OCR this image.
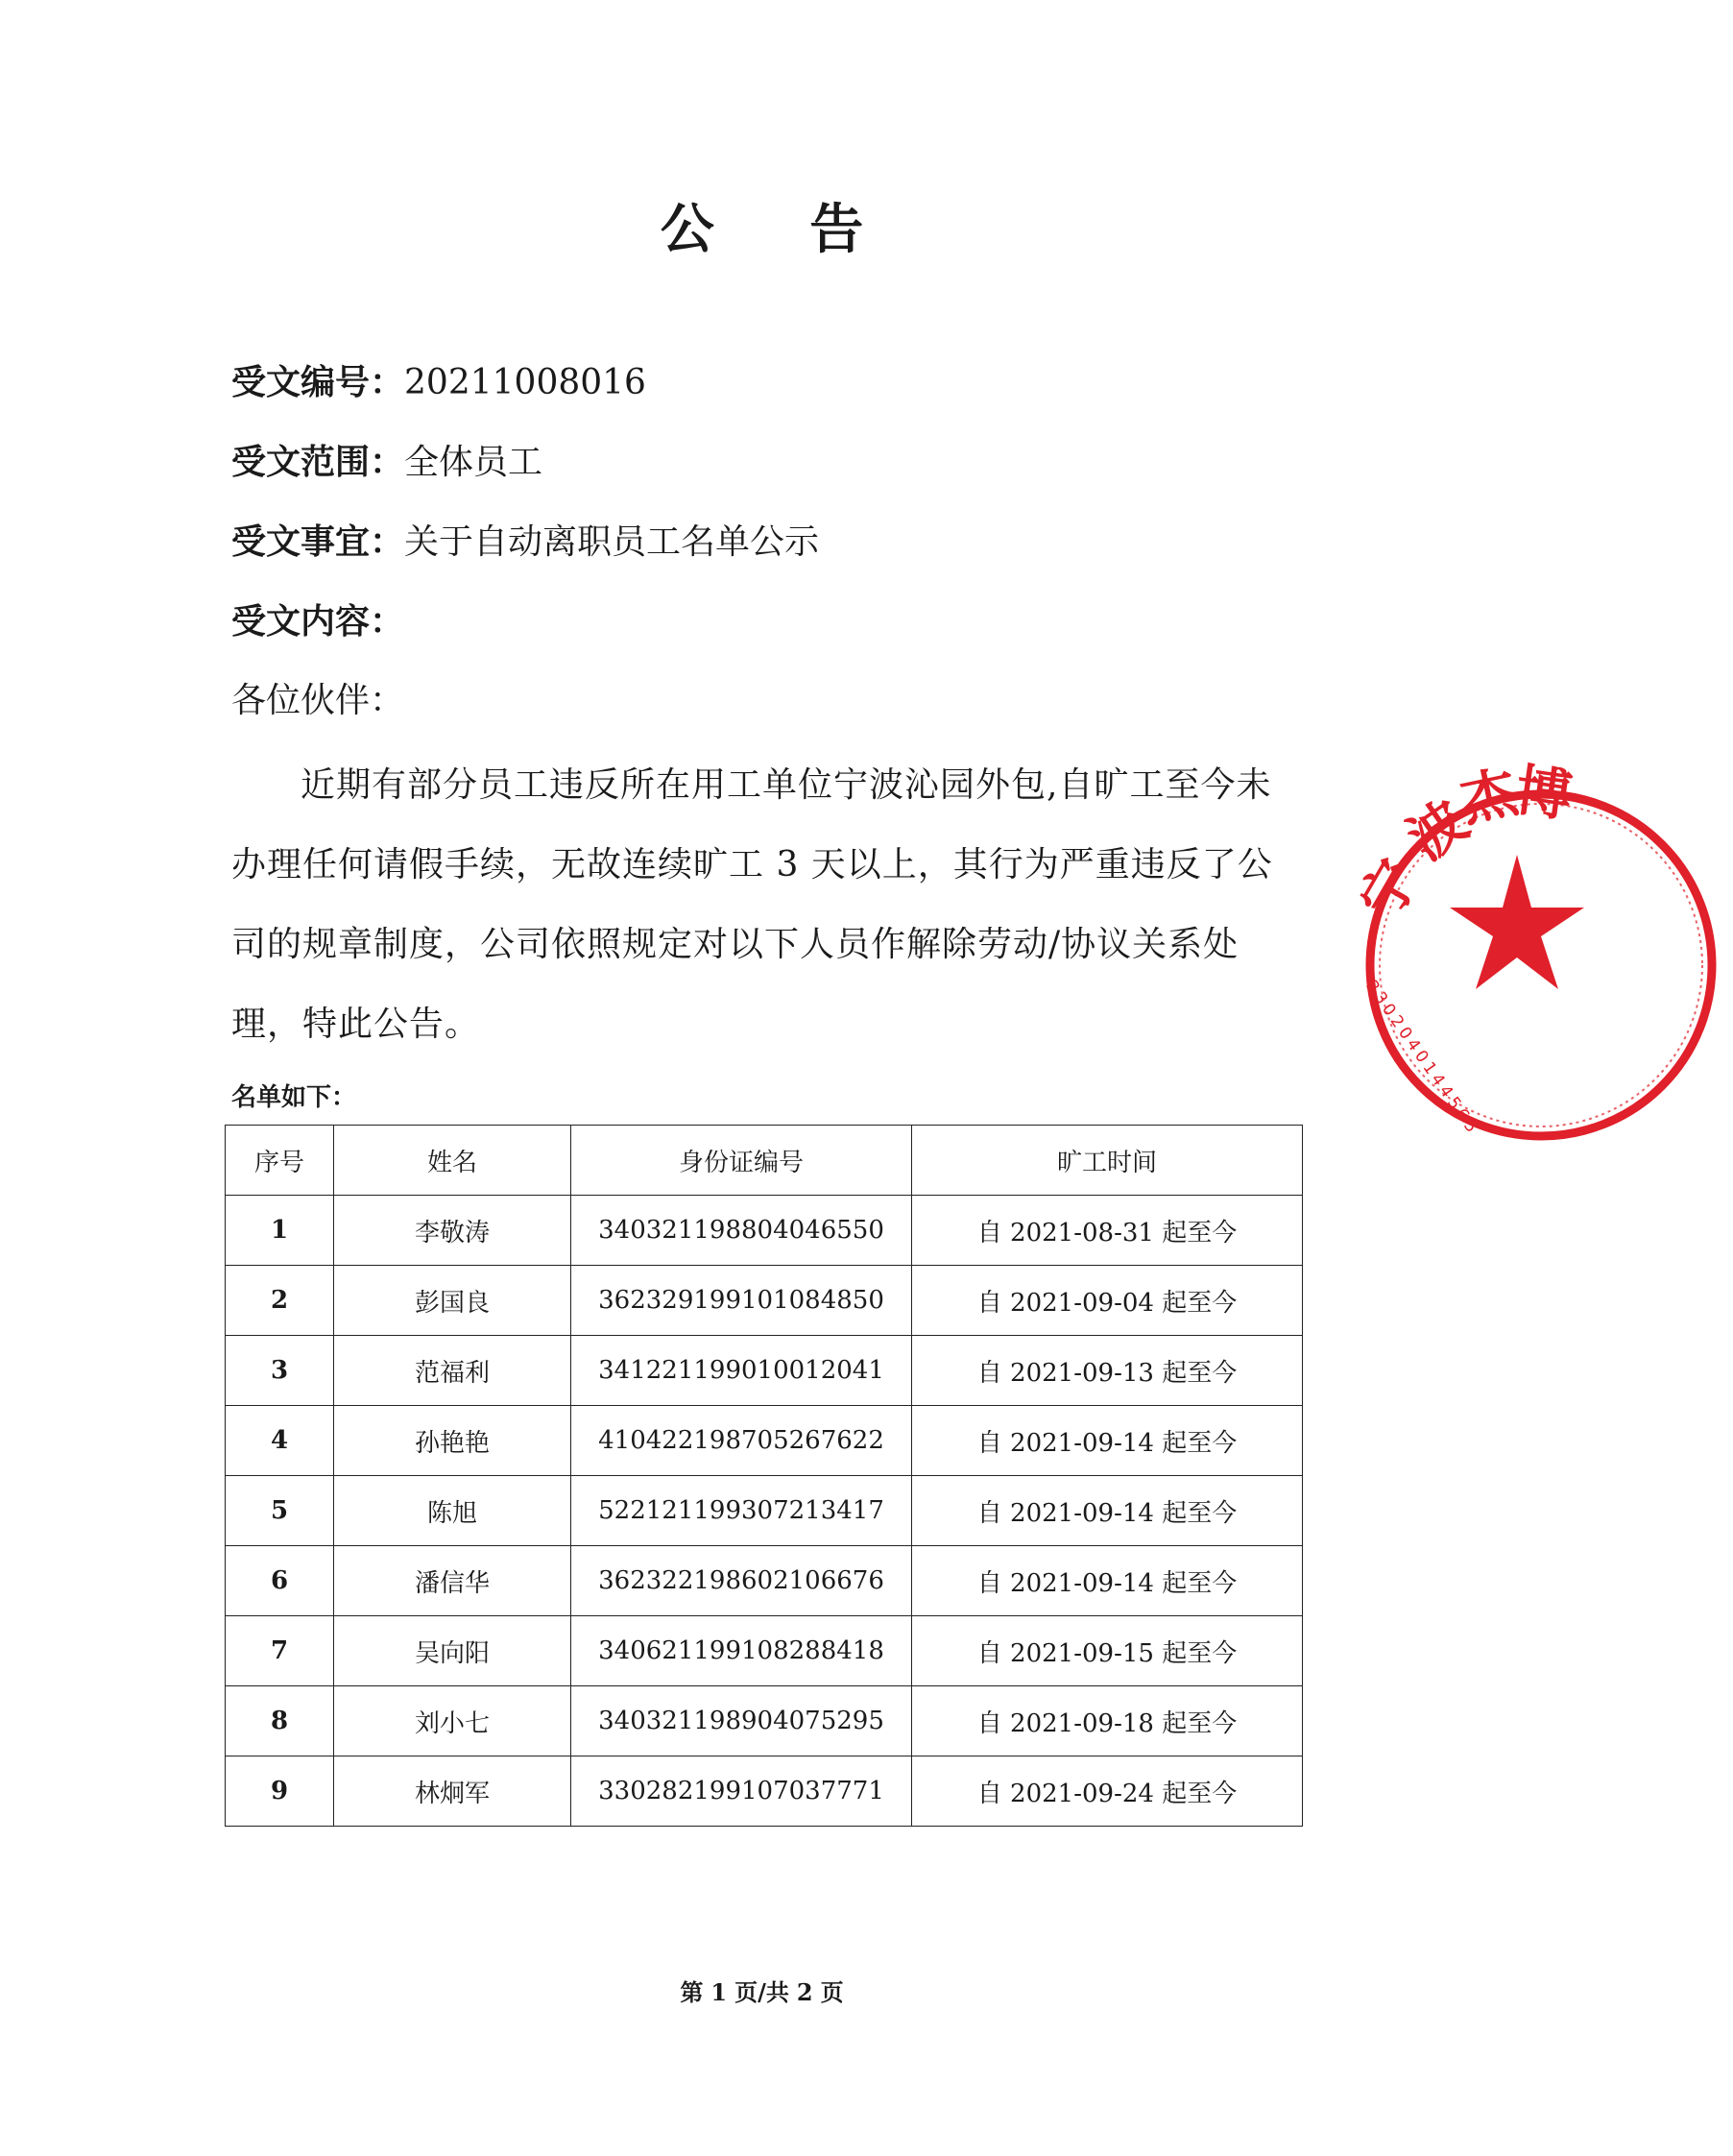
公 告
受文编号：20211008016
受文范围：全体员工
受文事宜：关于自动离职员工名单公示
受文内容：
各位伙伴：
近期有部分员工违反所在用工单位宁波沁园外包,自旷工至今未办理任何请假手续，无故连续旷工 3 天以上，其行为严重违反了公司的规章制度，公司依照规定对以下人员作解除劳动/协议关系处理，特此公告。
名单如下：
序号	姓名	身份证编号	旷工时间
1	李敬涛	340321198804046550	自 2021-08-31 起至今
2	彭国良	362329199101084850	自 2021-09-04 起至今
3	范福利	341221199010012041	自 2021-09-13 起至今
4	孙艳艳	410422198705267622	自 2021-09-14 起至今
5	陈旭	522121199307213417	自 2021-09-14 起至今
6	潘信华	362322198602106676	自 2021-09-14 起至今
7	吴向阳	340621199108288418	自 2021-09-15 起至今
8	刘小七	340321198904075295	自 2021-09-18 起至今
9	林炯军	330282199107037771	自 2021-09-24 起至今
宁
波
杰
博
3302040144565
第 1 页/共 2 页
